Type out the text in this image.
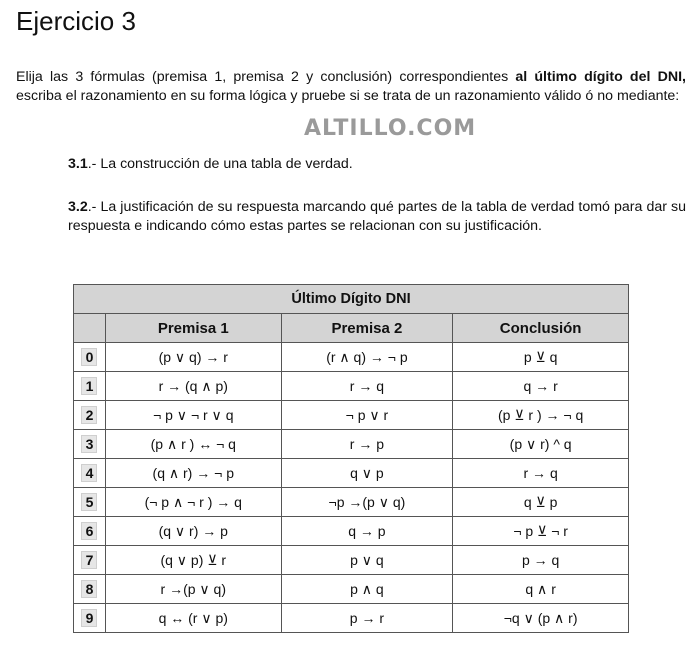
Ejercicio 3

Elija las 3 fórmulas (premisa 1, premisa 2 y conclusión) correspondientes al último dígito del DNI, escriba el razonamiento en su forma lógica y pruebe si se trata de un razonamiento válido ó no mediante:

ALTILLO.COM

3.1.- La construcción de una tabla de verdad.

3.2.- La justificación de su respuesta marcando qué partes de la tabla de verdad tomó para dar su respuesta e indicando cómo estas partes se relacionan con su justificación.

Último Dígito DNI			
	Premisa 1	Premisa 2	Conclusión
0	(p ∨ q) → r	(r ∧ q) → ¬ p	p ⊻ q
1	r → (q ∧ p)	r → q	q → r
2	¬ p ∨ ¬ r ∨ q	¬ p ∨ r	(p ⊻ r ) → ¬ q
3	(p ∧ r ) ↔ ¬ q	r → p	(p ∨ r) ^ q
4	(q ∧ r) → ¬ p	q ∨ p	r → q
5	(¬ p ∧ ¬ r ) → q	¬p →(p ∨ q)	q ⊻ p
6	(q ∨ r) → p	q → p	¬ p ⊻ ¬ r
7	(q ∨ p) ⊻ r	p ∨ q	p → q
8	r →(p ∨ q)	p ∧ q	q ∧ r
9	q ↔ (r ∨ p)	p → r	¬q ∨ (p ∧ r)
